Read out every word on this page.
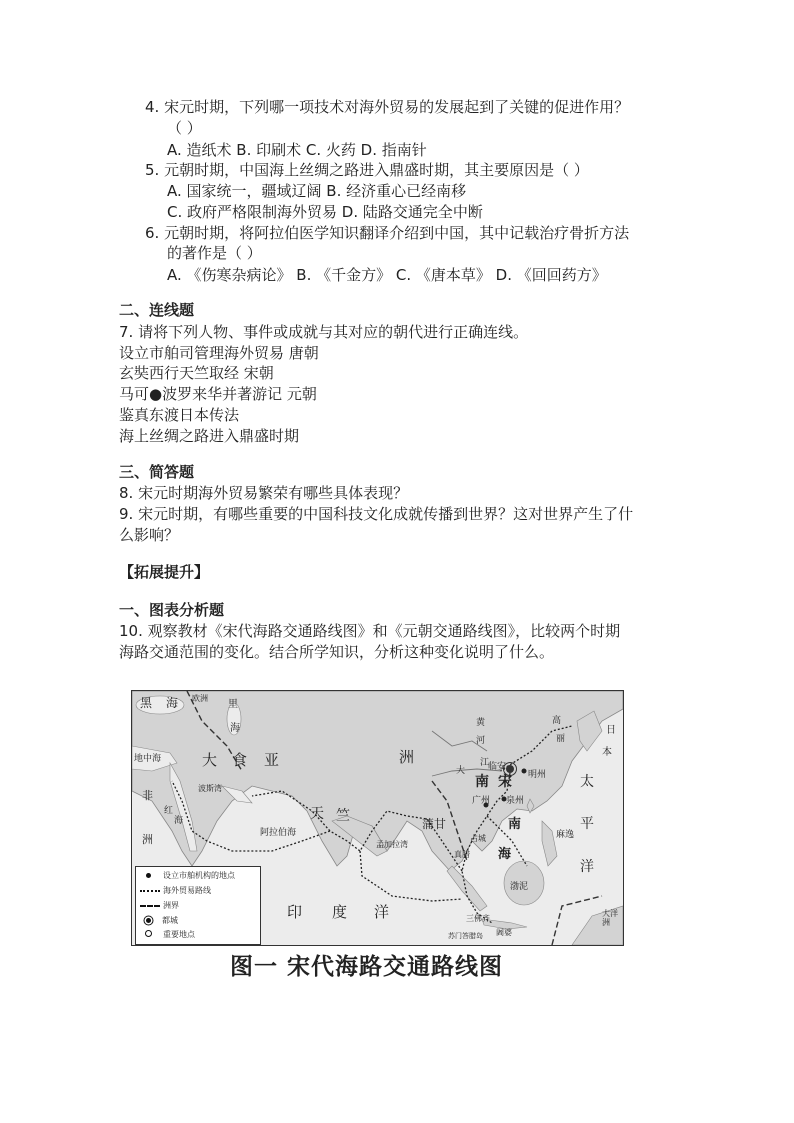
4. 宋元时期，下列哪一项技术对海外贸易的发展起到了关键的促进作用？
（ ）
A. 造纸术 B. 印刷术 C. 火药 D. 指南针
5. 元朝时期，中国海上丝绸之路进入鼎盛时期，其主要原因是（ ）
A. 国家统一，疆域辽阔 B. 经济重心已经南移
C. 政府严格限制海外贸易 D. 陆路交通完全中断
6. 元朝时期，将阿拉伯医学知识翻译介绍到中国，其中记载治疗骨折方法
的著作是（ ）
A. 《伤寒杂病论》 B. 《千金方》 C. 《唐本草》 D. 《回回药方》
二、连线题
7. 请将下列人物、事件或成就与其对应的朝代进行正确连线。
设立市舶司管理海外贸易 唐朝
玄奘西行天竺取经 宋朝
马可●波罗来华并著游记 元朝
鉴真东渡日本传法
海上丝绸之路进入鼎盛时期
三、简答题
8. 宋元时期海外贸易繁荣有哪些具体表现？
9. 宋元时期，有哪些重要的中国科技文化成就传播到世界？这对世界产生了什
么影响？
【拓展提升】
一、图表分析题
10. 观察教材《宋代海路交通路线图》和《元朝交通路线图》，比较两个时期
海路交通范围的变化。结合所学知识，分析这种变化说明了什么。
黑 海 欧洲
里
海
地中海	大 食 亚	洲
非
洲
红
海
波斯湾
阿拉伯海
天 竺
孟加拉湾
蒲甘
黄
河
大
江
南 宋
临安
明州
广州 泉州
南
海
占城
真腊
麻逸
渤泥
三佛齐
阇婆
苏门答腊岛
高
丽
日
本
太
平
洋
印 度 洋	大洋洲
设立市舶机构的地点
海外贸易路线
洲界
都城
重要地点
图一 宋代海路交通路线图
